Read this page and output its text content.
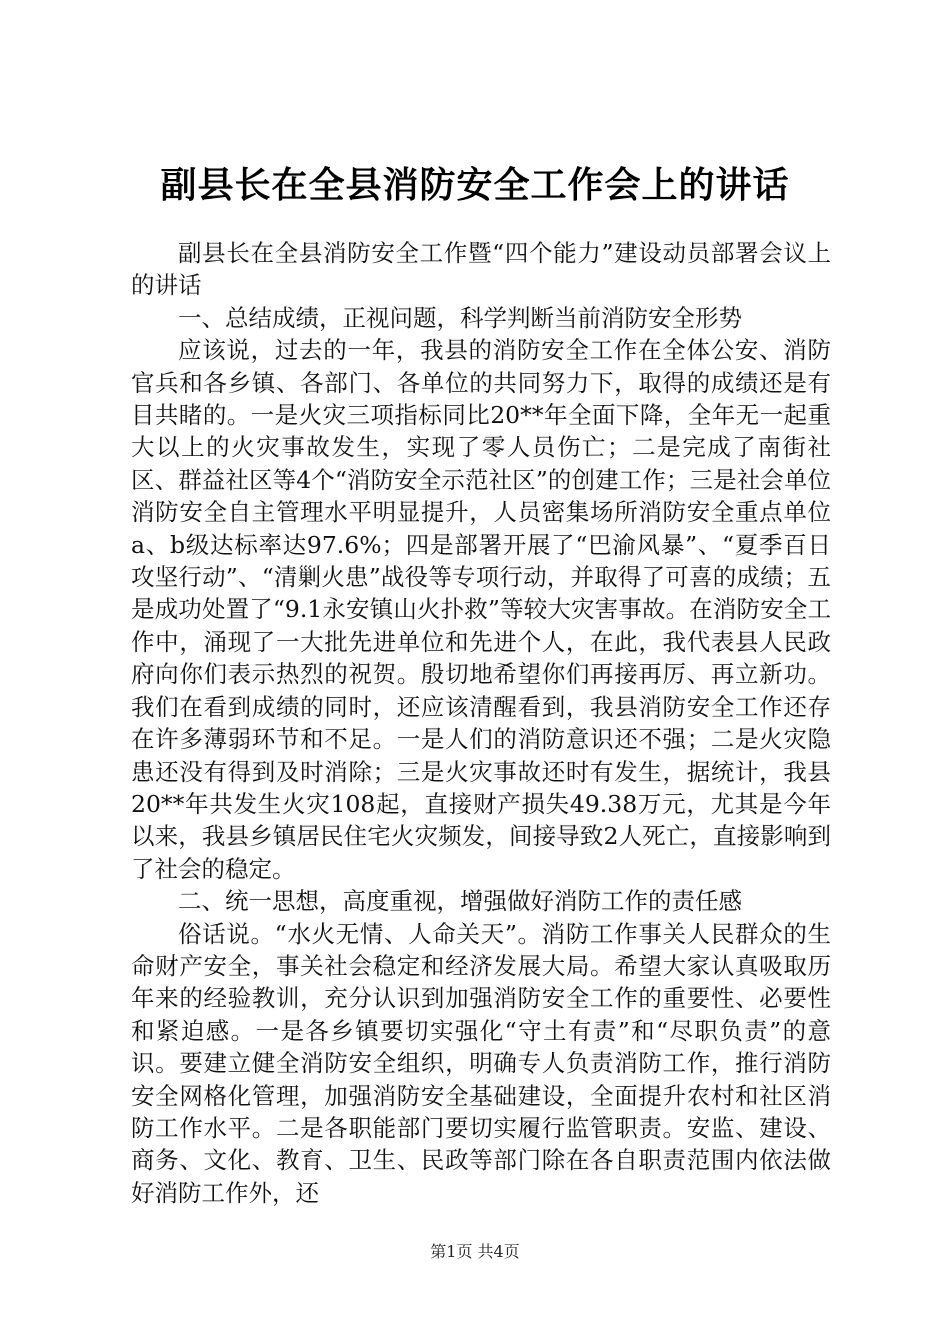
副县长在全县消防安全工作会上的讲话

副县长在全县消防安全工作暨“四个能力”建设动员部署会议上的讲话

一、总结成绩，正视问题，科学判断当前消防安全形势

应该说，过去的一年，我县的消防安全工作在全体公安、消防官兵和各乡镇、各部门、各单位的共同努力下，取得的成绩还是有目共睹的。一是火灾三项指标同比20**年全面下降，全年无一起重大以上的火灾事故发生，实现了零人员伤亡；二是完成了南街社区、群益社区等4个“消防安全示范社区”的创建工作；三是社会单位消防安全自主管理水平明显提升，人员密集场所消防安全重点单位a、b级达标率达97.6%；四是部署开展了“巴渝风暴”、“夏季百日攻坚行动”、“清剿火患”战役等专项行动，并取得了可喜的成绩；五是成功处置了“9.1永安镇山火扑救”等较大灾害事故。在消防安全工作中，涌现了一大批先进单位和先进个人，在此，我代表县人民政府向你们表示热烈的祝贺。殷切地希望你们再接再厉、再立新功。我们在看到成绩的同时，还应该清醒看到，我县消防安全工作还存在许多薄弱环节和不足。一是人们的消防意识还不强；二是火灾隐患还没有得到及时消除；三是火灾事故还时有发生，据统计，我县20**年共发生火灾108起，直接财产损失49.38万元，尤其是今年以来，我县乡镇居民住宅火灾频发，间接导致2人死亡，直接影响到了社会的稳定。

二、统一思想，高度重视，增强做好消防工作的责任感

俗话说。“水火无情、人命关天”。消防工作事关人民群众的生命财产安全，事关社会稳定和经济发展大局。希望大家认真吸取历年来的经验教训，充分认识到加强消防安全工作的重要性、必要性和紧迫感。一是各乡镇要切实强化“守土有责”和“尽职负责”的意识。要建立健全消防安全组织，明确专人负责消防工作，推行消防安全网格化管理，加强消防安全基础建设，全面提升农村和社区消防工作水平。二是各职能部门要切实履行监管职责。安监、建设、商务、文化、教育、卫生、民政等部门除在各自职责范围内依法做好消防工作外，还

第1页 共4页
